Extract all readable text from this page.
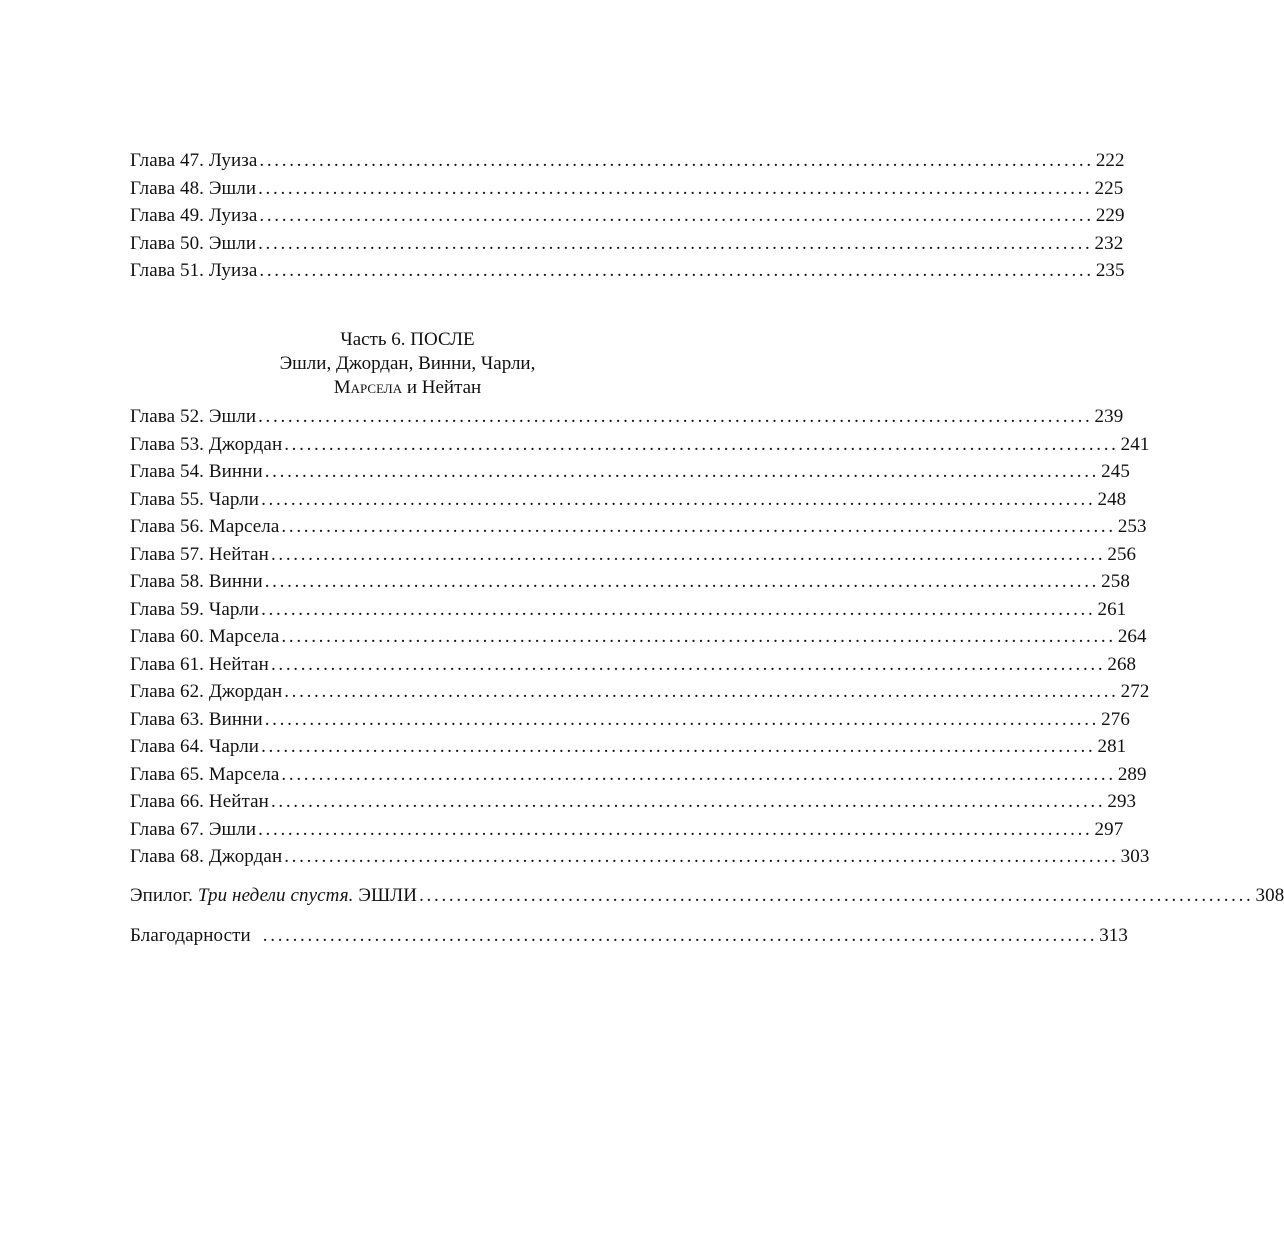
Глава 47. Луиза ................................................................................................................ 222
Глава 48. Эшли ................................................................................................................ 225
Глава 49. Луиза ................................................................................................................ 229
Глава 50. Эшли ................................................................................................................ 232
Глава 51. Луиза ................................................................................................................ 235
Часть 6. ПОСЛЕ
Эшли, Джордан, Винни, Чарли,
Марсела и Нейтан
Глава 52. Эшли ................................................................................................................ 239
Глава 53. Джордан ................................................................................................................ 241
Глава 54. Винни ................................................................................................................ 245
Глава 55. Чарли ................................................................................................................ 248
Глава 56. Марсела ................................................................................................................ 253
Глава 57. Нейтан ................................................................................................................ 256
Глава 58. Винни ................................................................................................................ 258
Глава 59. Чарли ................................................................................................................ 261
Глава 60. Марсела ................................................................................................................ 264
Глава 61. Нейтан ................................................................................................................ 268
Глава 62. Джордан ................................................................................................................ 272
Глава 63. Винни ................................................................................................................ 276
Глава 64. Чарли ................................................................................................................ 281
Глава 65. Марсела ................................................................................................................ 289
Глава 66. Нейтан ................................................................................................................ 293
Глава 67. Эшли ................................................................................................................ 297
Глава 68. Джордан ................................................................................................................ 303
Эпилог. Три недели спустя. ЭШЛИ ................................................................................................................ 308
Благодарности ................................................................................................................ 313
